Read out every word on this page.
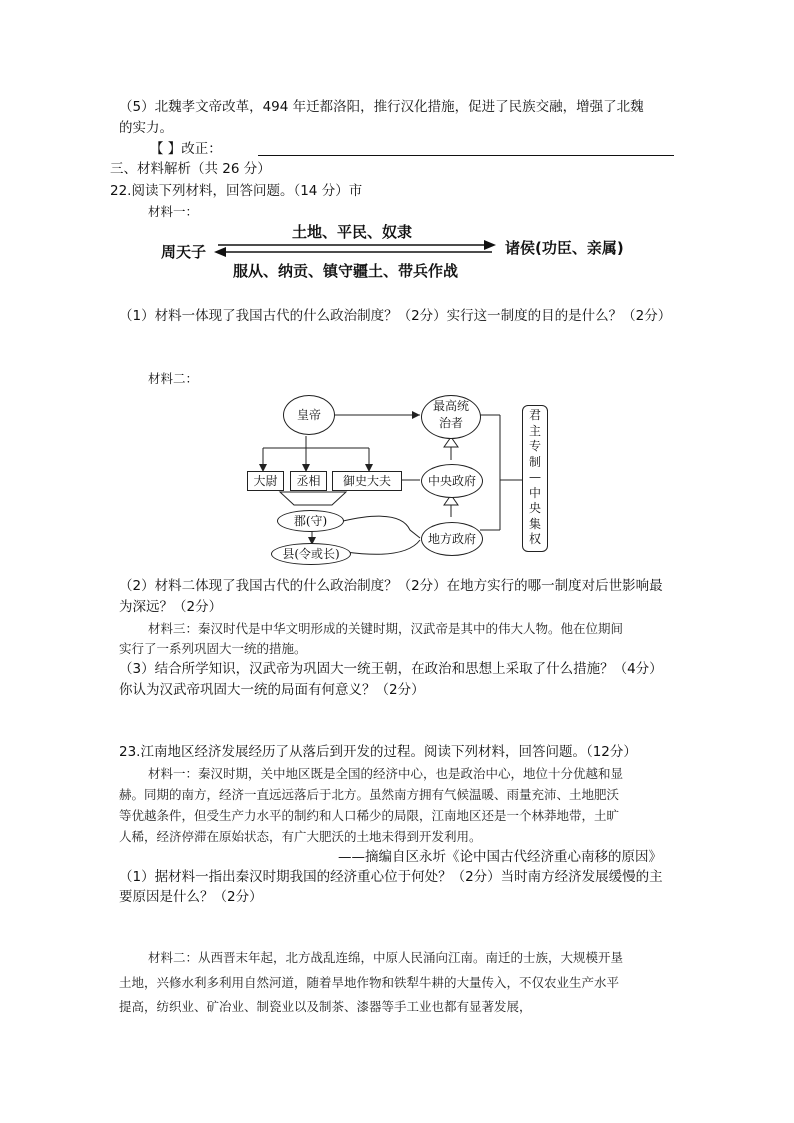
（5）北魏孝文帝改革，494 年迁都洛阳，推行汉化措施，促进了民族交融，增强了北魏
的实力。
【 】改正：
三、材料解析（共 26 分）
22.阅读下列材料，回答问题。（14 分）市
材料一：
周天子
土地、平民、奴隶
诸侯(功臣、亲属)
服从、纳贡、镇守疆土、带兵作战
（1）材料一体现了我国古代的什么政治制度？（2分）实行这一制度的目的是什么？（2分）
材料二：
皇帝
最高统
治者
大尉	丞相	御史大夫	中央政府
郡(守)
地方政府
县(令或长)
君
主
专
制
—
中
央
集
权
（2）材料二体现了我国古代的什么政治制度？（2分）在地方实行的哪一制度对后世影响最
为深远？（2分）
材料三：秦汉时代是中华文明形成的关键时期，汉武帝是其中的伟大人物。他在位期间
实行了一系列巩固大一统的措施。
（3）结合所学知识，汉武帝为巩固大一统王朝，在政治和思想上采取了什么措施？（4分）
你认为汉武帝巩固大一统的局面有何意义？（2分）
23.江南地区经济发展经历了从落后到开发的过程。阅读下列材料，回答问题。（12分）
材料一：秦汉时期，关中地区既是全国的经济中心，也是政治中心，地位十分优越和显
赫。同期的南方，经济一直远远落后于北方。虽然南方拥有气候温暖、雨量充沛、土地肥沃
等优越条件，但受生产力水平的制约和人口稀少的局限，江南地区还是一个林莽地带，土旷
人稀，经济停滞在原始状态，有广大肥沃的土地未得到开发利用。
——摘编自区永圻《论中国古代经济重心南移的原因》
（1）据材料一指出秦汉时期我国的经济重心位于何处？（2分）当时南方经济发展缓慢的主
要原因是什么？（2分）
材料二：从西晋末年起，北方战乱连绵，中原人民涌向江南。南迁的士族，大规模开垦
土地，兴修水利多利用自然河道，随着旱地作物和铁犁牛耕的大量传入，不仅农业生产水平
提高，纺织业、矿冶业、制瓷业以及制茶、漆器等手工业也都有显著发展，
